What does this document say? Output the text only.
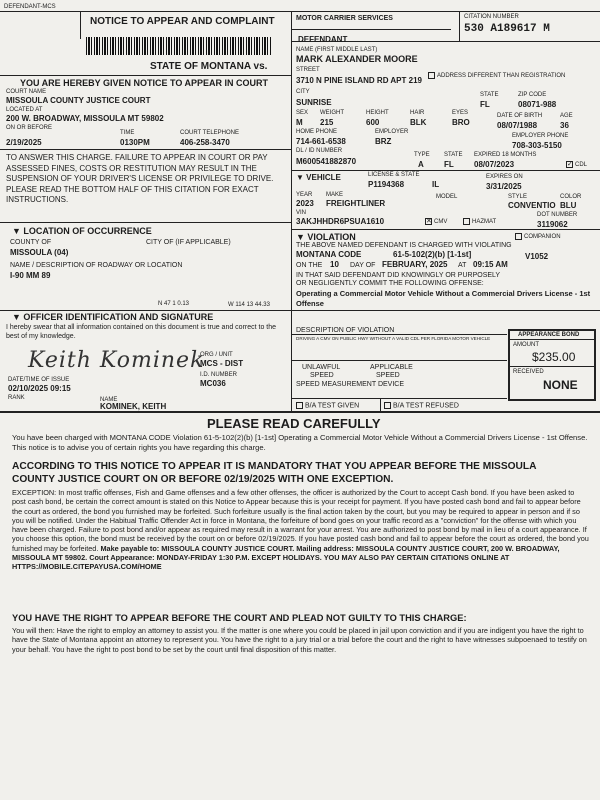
DEFENDANT-MCS
NOTICE TO APPEAR AND COMPLAINT	MOTOR CARRIER SERVICES	CITATION NUMBER
530 A189617 M
STATE OF MONTANA vs.
YOU ARE HEREBY GIVEN NOTICE TO APPEAR IN COURT
COURT NAME
MISSOULA COUNTY JUSTICE COURT
LOCATED AT
200 W. BROADWAY, MISSOULA MT 59802
ON OR BEFORE
TIME	COURT TELEPHONE
2/19/2025	0130PM	406-258-3470
TO ANSWER THIS CHARGE. FAILURE TO APPEAR IN COURT OR PAY ASSESSED FINES, COSTS OR RESTITUTION MAY RESULT IN THE SUSPENSION OF YOUR DRIVER'S LICENSE OR PRIVILEGE TO DRIVE. PLEASE READ THE BOTTOM HALF OF THIS CITATION FOR EXACT INSTRUCTIONS.
DEFENDANT
NAME (FIRST MIDDLE LAST)
MARK ALEXANDER MOORE
STREET
ADDRESS DIFFERENT THAN REGISTRATION
3710 N PINE ISLAND RD APT 219
CITY	STATE	ZIP CODE
SUNRISE	FL	08071-988
SEX WEIGHT	HEIGHT	HAIR	EYES	DATE OF BIRTH	AGE
M 215	600	BLK	BRO	08/07/1988	36
HOME PHONE	EMPLOYER
EMPLOYER PHONE
714-661-6538	BRZ	708-303-5150
DL / ID NUMBER
TYPE STATE EXPIRED 18 MONTHS
M600541882870	A	FL	08/07/2023	✓ CDL
▼ VEHICLE	LICENSE & STATE	EXPIRES ON
P1194368	IL	3/31/2025
YEAR MAKE	MODEL	STYLE	COLOR
2023 FREIGHTLINER	CONVENTIO BLU
VIN	DOT NUMBER
3AKJHHDR6PSUA1610	✕ CMV	HAZMAT	3119062
▼ LOCATION OF OCCURRENCE
COUNTY OF	CITY OF (IF APPLICABLE)
MISSOULA (04)
NAME / DESCRIPTION OF ROADWAY OR LOCATION
I-90 MM 89
N 47 1 0.13	W 114 13 44.33
▼ VIOLATION	COMPANION
THE ABOVE NAMED DEFENDANT IS CHARGED WITH VIOLATING
MONTANA CODE	61-5-102(2)(b) [1-1st]	V1052
ON THE 10 DAY OF FEBRUARY, 2025 AT 09:15 AM
IN THAT SAID DEFENDANT DID KNOWINGLY OR PURPOSELY
OR NEGLIGENTLY COMMIT THE FOLLOWING OFFENSE:
Operating a Commercial Motor Vehicle Without a Commercial Drivers License - 1st Offense
▼ OFFICER IDENTIFICATION AND SIGNATURE
I hereby swear that all information contained on this document is true and correct to the best of my knowledge.
Keith Kominek
ORG / UNIT
MCS - DIST
I.D. NUMBER
DATE/TIME OF ISSUE	MC036
02/10/2025 09:15
RANK	NAME
KOMINEK, KEITH
DESCRIPTION OF VIOLATION
DRIVING A CMV ON PUBLIC HWY WITHOUT A VALID CDL PER FLORIDA MOTOR VEHICLE
UNLAWFUL
SPEED
APPLICABLE
SPEED
SPEED MEASUREMENT DEVICE
B/A TEST GIVEN	B/A TEST REFUSED
APPEARANCE BOND
AMOUNT
$235.00
RECEIVED
NONE
PLEASE READ CAREFULLY
You have been charged with MONTANA CODE Violation 61-5-102(2)(b) [1-1st] Operating a Commercial Motor Vehicle Without a Commercial Drivers License - 1st Offense. This notice is to advise you of certain rights you have regarding this charge.
ACCORDING TO THIS NOTICE TO APPEAR IT IS MANDATORY THAT YOU APPEAR BEFORE THE MISSOULA COUNTY JUSTICE COURT ON OR BEFORE 02/19/2025 WITH ONE EXCEPTION.
EXCEPTION: In most traffic offenses, Fish and Game offenses and a few other offenses, the officer is authorized by the Court to accept Cash bond. If you have been asked to post cash bond, be certain the correct amount is stated on this Notice to Appear because this is your receipt for payment. If you have posted cash bond and fail to appear before the court as ordered, the bond you furnished may be forfeited. Such forfeiture usually is the final action taken by the court, but you may be required to appear in person and if so you will be notified. Under the Habitual Traffic Offender Act in force in Montana, the forfeiture of bond goes on your traffic record as a "conviction" for the offense with which you have been charged. Failure to post bond and/or appear as required may result in a warrant for your arrest. You are authorized to post bond by mail in lieu of a court appearance. If you choose this option, the bond must be received by the court on or before 02/19/2025. If you have posted cash bond and fail to appear before the court as ordered, the bond you furnished may be forfeited. Make payable to: MISSOULA COUNTY JUSTICE COURT. Mailing address: MISSOULA COUNTY JUSTICE COURT, 200 W. BROADWAY, MISSOULA MT 59802. Court Appearance: MONDAY-FRIDAY 1:30 P.M. EXCEPT HOLIDAYS. YOU MAY ALSO PAY CERTAIN CITATIONS ONLINE AT HTTPS://MOBILE.CITEPAYUSA.COM/HOME
YOU HAVE THE RIGHT TO APPEAR BEFORE THE COURT AND PLEAD NOT GUILTY TO THIS CHARGE:
You will then: Have the right to employ an attorney to assist you. If the matter is one where you could be placed in jail upon conviction and if you are indigent you have the right to have the State of Montana appoint an attorney to represent you. You have the right to a jury trial or a trial before the court and the right to have witnesses subpoenaed to testify on your behalf. You have the right to post bond to be set by the court until final disposition of this matter.
